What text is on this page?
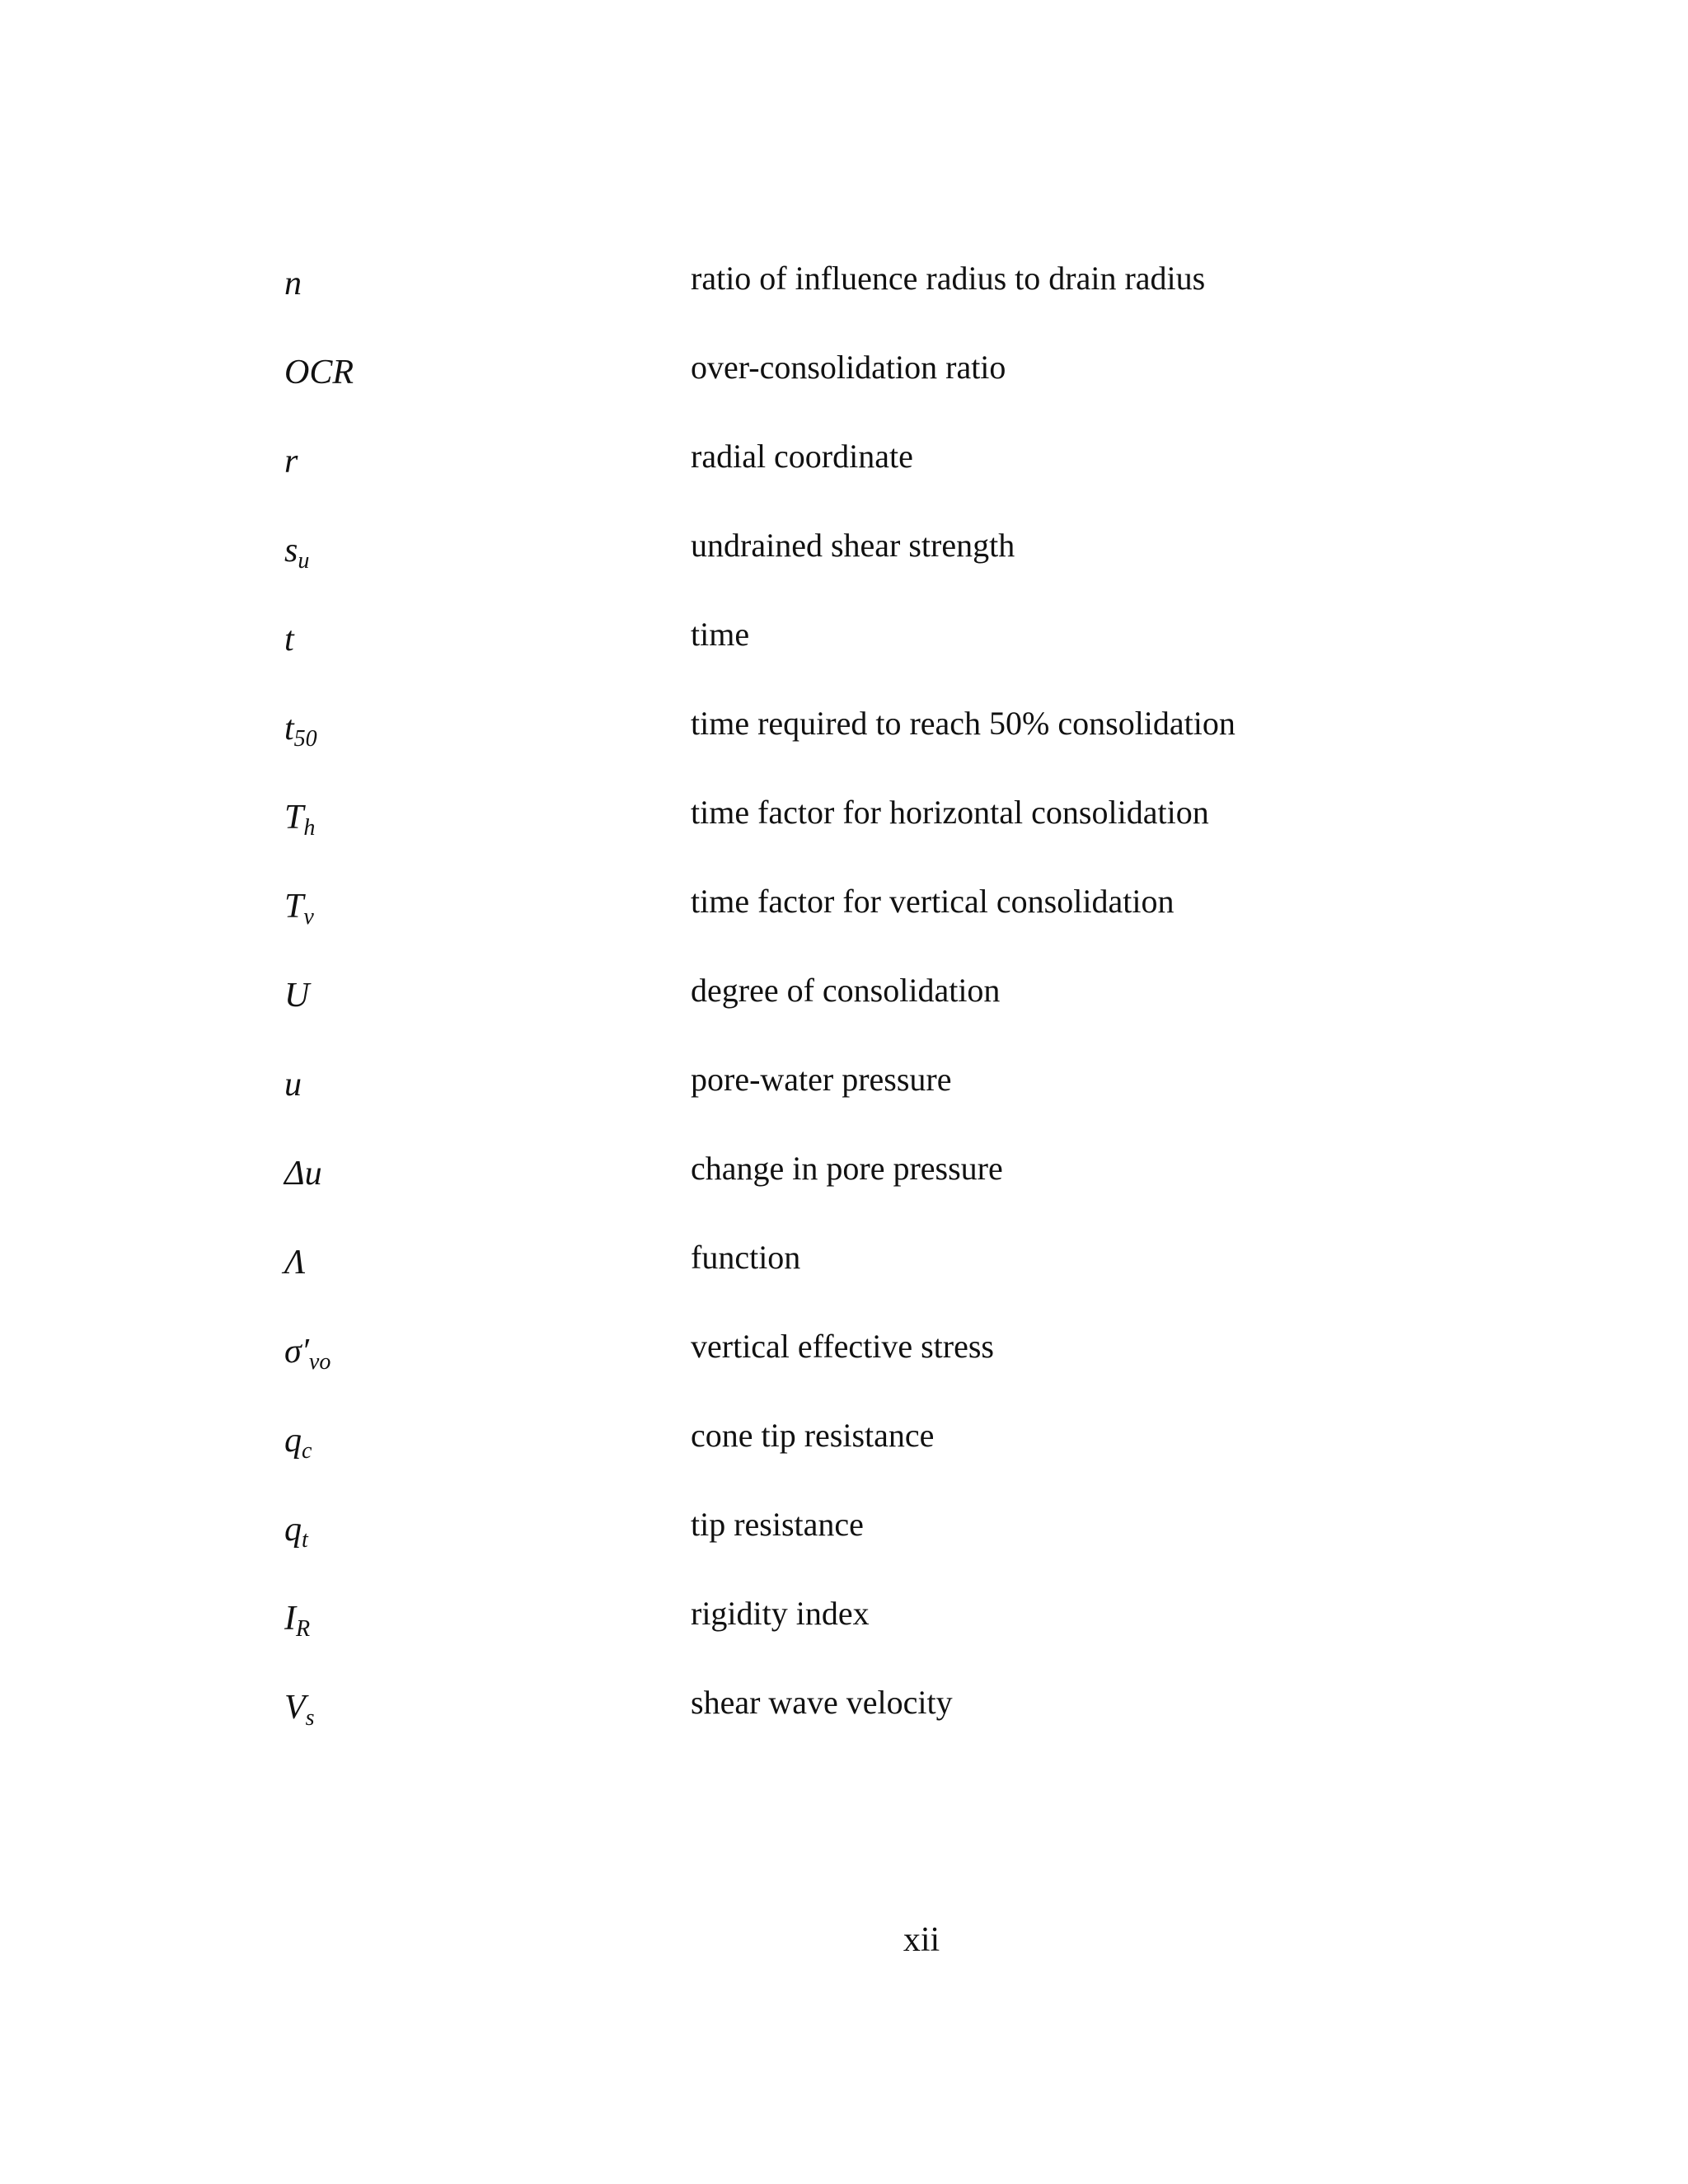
n	ratio of influence radius to drain radius
OCR	over-consolidation ratio
r	radial coordinate
$s_u$	undrained shear strength
t	time
$t_{50}$	time required to reach 50% consolidation
$T_h$	time factor for horizontal consolidation
$T_v$	time factor for vertical consolidation
U	degree of consolidation
u	pore-water pressure
Δu	change in pore pressure
Λ	function
$\sigma'_{vo}$	vertical effective stress
$q_c$	cone tip resistance
$q_t$	tip resistance
$I_R$	rigidity index
$V_s$	shear wave velocity
xii
